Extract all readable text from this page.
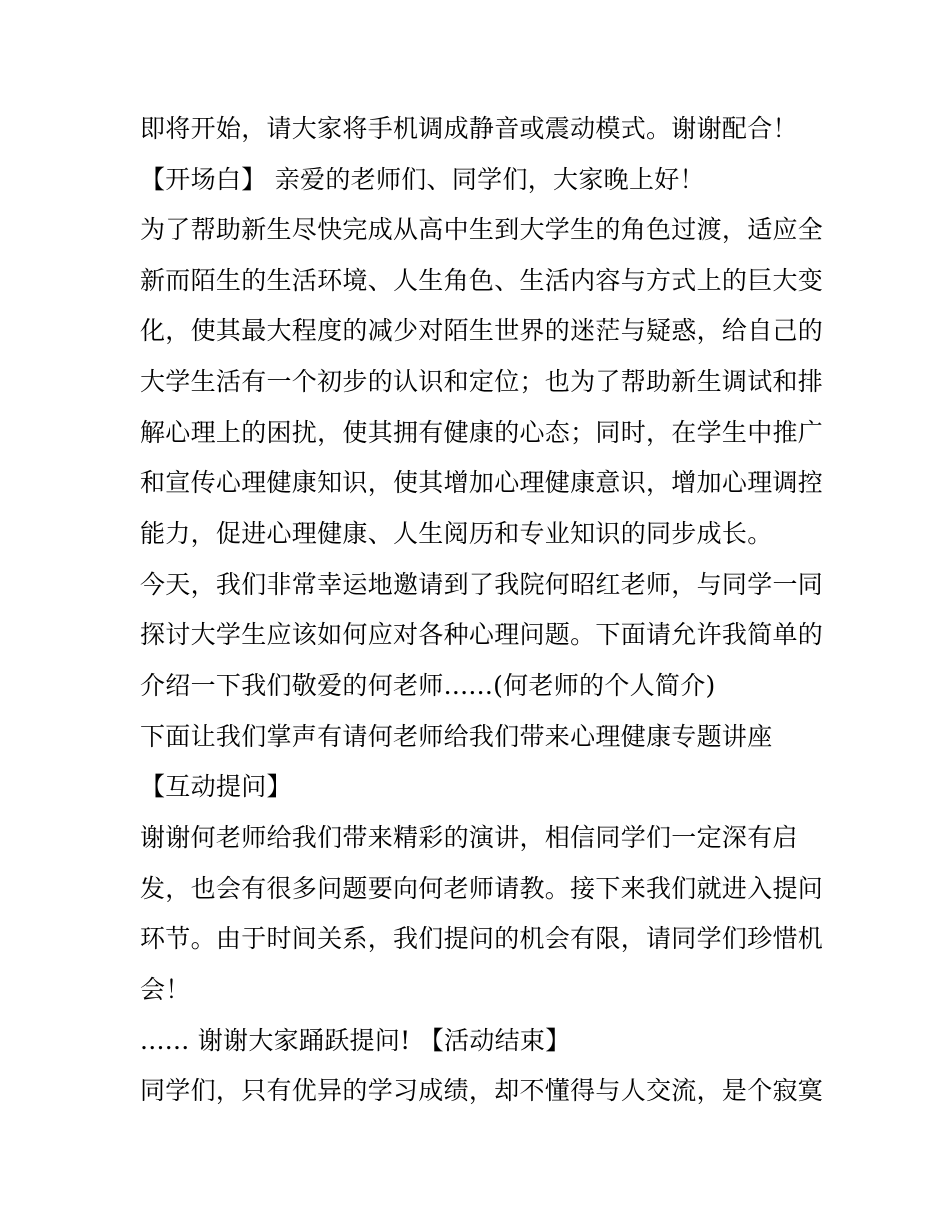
即将开始，请大家将手机调成静音或震动模式。谢谢配合！
【开场白】 亲爱的老师们、同学们，大家晚上好！
为了帮助新生尽快完成从高中生到大学生的角色过渡，适应全
新而陌生的生活环境、人生角色、生活内容与方式上的巨大变
化，使其最大程度的减少对陌生世界的迷茫与疑惑，给自己的
大学生活有一个初步的认识和定位；也为了帮助新生调试和排
解心理上的困扰，使其拥有健康的心态；同时，在学生中推广
和宣传心理健康知识，使其增加心理健康意识，增加心理调控
能力，促进心理健康、人生阅历和专业知识的同步成长。
今天，我们非常幸运地邀请到了我院何昭红老师，与同学一同
探讨大学生应该如何应对各种心理问题。下面请允许我简单的
介绍一下我们敬爱的何老师......(何老师的个人简介)
下面让我们掌声有请何老师给我们带来心理健康专题讲座
【互动提问】
谢谢何老师给我们带来精彩的演讲，相信同学们一定深有启
发，也会有很多问题要向何老师请教。接下来我们就进入提问
环节。由于时间关系，我们提问的机会有限，请同学们珍惜机
会！
...... 谢谢大家踊跃提问! 【活动结束】
同学们，只有优异的学习成绩，却不懂得与人交流，是个寂寞
